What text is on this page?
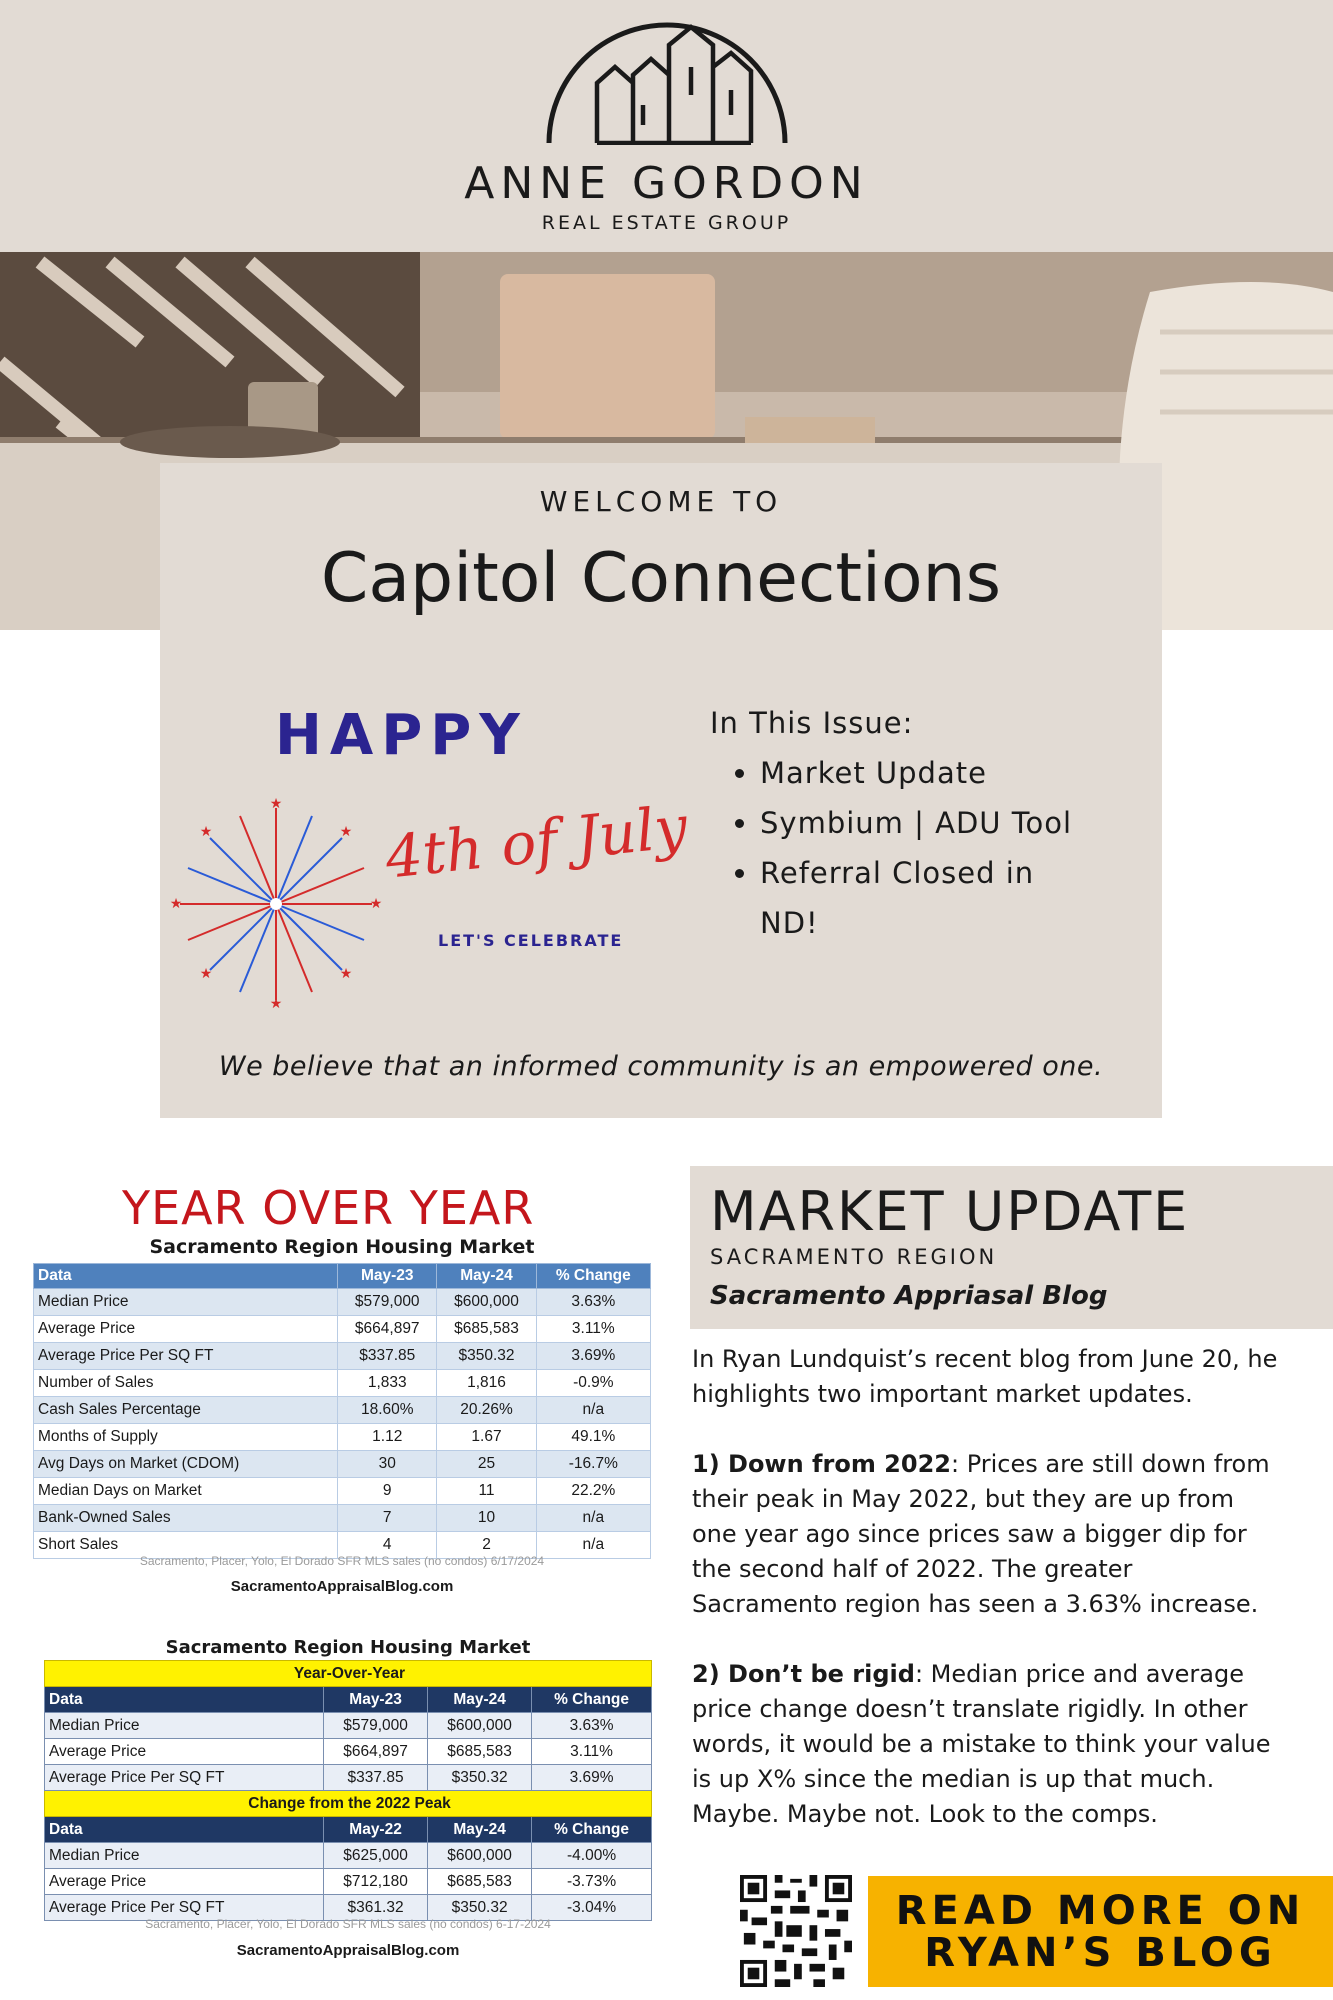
ANNE GORDON
REAL ESTATE GROUP
WELCOME TO
Capitol Connections
HAPPY
★
★
★	★
★	★
★	★
4th of July
LET'S CELEBRATE
In This Issue:
• Market Update
• Symbium | ADU Tool
• Referral Closed in ND!
We believe that an informed community is an empowered one.
YEAR OVER YEAR
Sacramento Region Housing Market
Data	May-23	May-24	% Change
Median Price	$579,000	$600,000	3.63%
Average Price	$664,897	$685,583	3.11%
Average Price Per SQ FT	$337.85	$350.32	3.69%
Number of Sales	1,833	1,816	-0.9%
Cash Sales Percentage	18.60%	20.26%	n/a
Months of Supply	1.12	1.67	49.1%
Avg Days on Market (CDOM)	30	25	-16.7%
Median Days on Market	9	11	22.2%
Bank-Owned Sales	7	10	n/a
Short Sales	4	2	n/a
Sacramento, Placer, Yolo, El Dorado SFR MLS sales (no condos) 6/17/2024
SacramentoAppraisalBlog.com
Sacramento Region Housing Market
Year-Over-Year			
Data	May-23	May-24	% Change
Median Price	$579,000	$600,000	3.63%
Average Price	$664,897	$685,583	3.11%
Average Price Per SQ FT	$337.85	$350.32	3.69%
Change from the 2022 Peak			
Data	May-22	May-24	% Change
Median Price	$625,000	$600,000	-4.00%
Average Price	$712,180	$685,583	-3.73%
Average Price Per SQ FT	$361.32	$350.32	-3.04%
Sacramento, Placer, Yolo, El Dorado SFR MLS sales (no condos) 6-17-2024
SacramentoAppraisalBlog.com
MARKET UPDATE
SACRAMENTO REGION
Sacramento Appriasal Blog

In Ryan Lundquist’s recent blog from June 20, he highlights two important market updates.

1) Down from 2022: Prices are still down from their peak in May 2022, but they are up from one year ago since prices saw a bigger dip for the second half of 2022. The greater Sacramento region has seen a 3.63% increase.

2) Don’t be rigid: Median price and average price change doesn’t translate rigidly. In other words, it would be a mistake to think your value is up X% since the median is up that much. Maybe. Maybe not. Look to the comps.

READ MORE ON
RYAN’S BLOG
